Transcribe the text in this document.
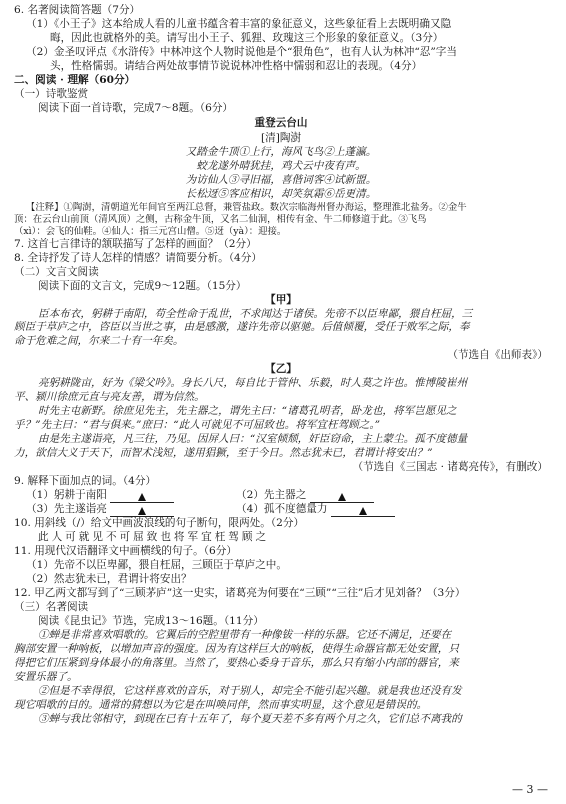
6. 名著阅读简答题（7分）
（1）《小王子》这本给成人看的儿童书蕴含着丰富的象征意义，这些象征看上去既明确又隐
晦，因此也就格外的美。请写出小王子、狐狸、玫瑰这三个形象的象征意义。（3分）
（2）金圣叹评点《水浒传》中林冲这个人物时说他是个“狠角色”，也有人认为林冲“忍”字当
头，性格懦弱。请结合两处故事情节说说林冲性格中懦弱和忍让的表现。（4分）
二、阅读 · 理解（60分）
（一）诗歌鉴赏
阅读下面一首诗歌，完成7～8题。（6分）
重登云台山
[清]陶澍
又踏金牛顶①上行，海风飞鸟②上蓬瀛。
蛟龙遂外晴犹挂，鸡犬云中夜有声。
为访仙人③寻旧福，喜偕词客④试新盟。
长松迓⑤客应相识，却笑氛霜⑥岳更清。
【注释】①陶澍，清朝道光年间官至两江总督，兼管盐政。数次宗临海州督办海运，整理淮北盐务。②金牛
顶：在云台山前顶（清风顶）之侧，古称金牛顶，又名二仙洞，相传有金、牛二师修道于此。③飞鸟
（xì）：会飞的仙鞋。④仙人：指三元宫山僧。⑤迓（yà）：迎接。
7. 这首七言律诗的颔联描写了怎样的画面？（2分）
8. 全诗抒发了诗人怎样的情感？请简要分析。（4分）
（二）文言文阅读
阅读下面的文言文，完成9～12题。（15分）
【甲】
臣本布衣，躬耕于南阳，苟全性命于乱世，不求闻达于诸侯。先帝不以臣卑鄙，猥自枉屈，三
顾臣于草庐之中，咨臣以当世之事，由是感激，遂许先帝以驱驰。后值倾覆，受任于败军之际，奉
命于危难之间，尔来二十有一年矣。
（节选自《出师表》）
【乙】
亮躬耕陇亩，好为《梁父吟》。身长八尺，每自比于管仲、乐毅，时人莫之许也。惟博陵崔州
平、颍川徐庶元直与亮友善，谓为信然。
时先主屯新野。徐庶见先主，先主器之，谓先主曰：“诸葛孔明者，卧龙也，将军岂愿见之
乎？”先主曰：“君与俱来。”庶曰：“此人可就见不可屈致也。将军宜枉驾顾之。”
由是先主遂诣亮，凡三往，乃见。因屏人曰：“汉室倾颓，奸臣窃命，主上蒙尘。孤不度德量
力，欲信大义于天下，而智术浅短，遂用猖獗，至于今日。然志犹未已，君谓计将安出？”
（节选自《三国志 · 诸葛亮传》，有删改）
9. 解释下面加点的词。（4分）
（1）躬耕于南阳	（2）先主器之
（3）先主遂诣亮	（4）孤不度德量力
10. 用斜线（/）给文中画波浪线的句子断句，限两处。（2分）
此人可就见不可屈致也将军宜枉驾顾之
11. 用现代汉语翻译文中画横线的句子。（6分）
（1）先帝不以臣卑鄙，猥自枉屈，三顾臣于草庐之中。
（2）然志犹未已，君谓计将安出？
12. 甲乙两文都写到了“三顾茅庐”这一史实，诸葛亮为何要在“三顾”“三往”后才见刘备？（3分）
（三）名著阅读
阅读《昆虫记》节选，完成13～16题。（11分）
①蝉是非常喜欢唱歌的。它翼后的空腔里带有一种像钹一样的乐器。它还不满足，还要在
胸部安置一种响板，以增加声音的强度。因为有这样巨大的响板，使得生命器官都无处安置，只
得把它们压紧到身体最小的角落里。当然了，要热心委身于音乐，那么只有缩小内部的器官，来
安置乐器了。
②但是不幸得很，它这样喜欢的音乐，对于别人，却完全不能引起兴趣。就是我也还没有发
现它唱歌的目的。通常的猜想以为它是在叫唤同伴，然而事实明显，这个意见是错误的。
③蝉与我比邻相守，到现在已有十五年了，每个夏天差不多有两个月之久，它们总不离我的
— 3 —
